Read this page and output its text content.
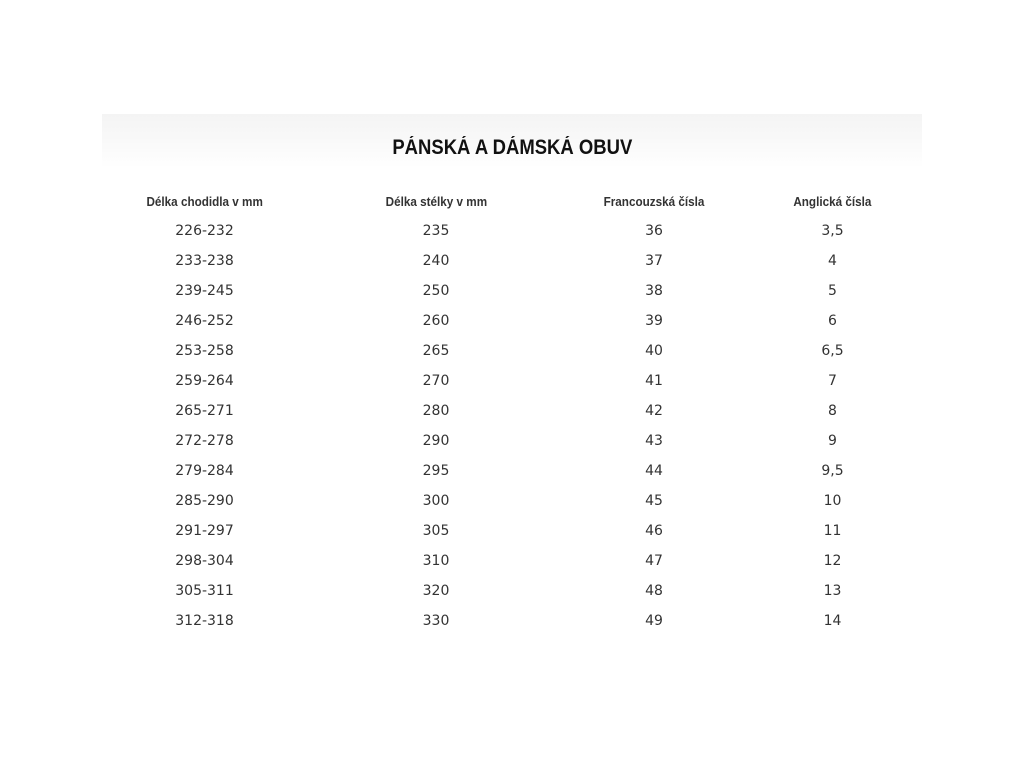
PÁNSKÁ A DÁMSKÁ OBUV
Délka chodidla v mm	Délka stélky v mm	Francouzská čísla	Anglická čísla
226-232	235	36	3,5
233-238	240	37	4
239-245	250	38	5
246-252	260	39	6
253-258	265	40	6,5
259-264	270	41	7
265-271	280	42	8
272-278	290	43	9
279-284	295	44	9,5
285-290	300	45	10
291-297	305	46	11
298-304	310	47	12
305-311	320	48	13
312-318	330	49	14
